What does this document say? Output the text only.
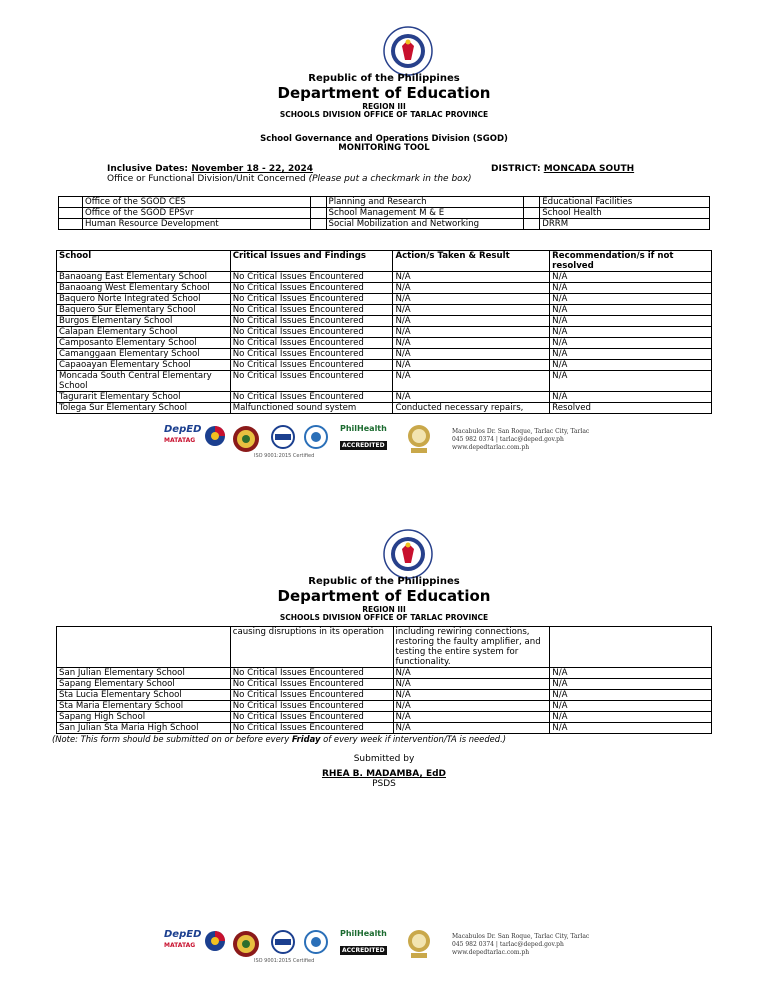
Republic of the Philippines
Department of Education
REGION III
SCHOOLS DIVISION OFFICE OF TARLAC PROVINCE
School Governance and Operations Division (SGOD)
MONITORING TOOL
Inclusive Dates: November 18 - 22, 2024	DISTRICT: MONCADA SOUTH
Office or Functional Division/Unit Concerned (Please put a checkmark in the box)
	Office of the SGOD CES		Planning and Research		Educational Facilities
	Office of the SGOD EPSvr		School Management M & E		School Health
	Human Resource Development		Social Mobilization and Networking		DRRM
School	Critical Issues and Findings	Action/s Taken & Result	Recommendation/s if not resolved
Banaoang East Elementary School	No Critical Issues Encountered	N/A	N/A
Banaoang West Elementary School	No Critical Issues Encountered	N/A	N/A
Baquero Norte Integrated School	No Critical Issues Encountered	N/A	N/A
Baquero Sur Elementary School	No Critical Issues Encountered	N/A	N/A
Burgos Elementary School	No Critical Issues Encountered	N/A	N/A
Calapan Elementary School	No Critical Issues Encountered	N/A	N/A
Camposanto Elementary School	No Critical Issues Encountered	N/A	N/A
Camanggaan Elementary School	No Critical Issues Encountered	N/A	N/A
Capaoayan Elementary School	No Critical Issues Encountered	N/A	N/A
Moncada South Central Elementary School	No Critical Issues Encountered	N/A	N/A
Tagurarit Elementary School	No Critical Issues Encountered	N/A	N/A
Tolega Sur Elementary School	Malfunctioned sound system	Conducted necessary repairs,	Resolved
DepED
MATATAG
ISO 9001:2015 Certified
PhilHealth
ACCREDITED
Macabulos Dr. San Roque, Tarlac City, Tarlac
045 982 0374 | tarlac@deped.gov.ph
www.depedtarlac.com.ph
Republic of the Philippines
Department of Education
REGION III
SCHOOLS DIVISION OFFICE OF TARLAC PROVINCE
	causing disruptions in its operation	including rewiring connections, restoring the faulty amplifier, and testing the entire system for functionality.	
San Julian Elementary School	No Critical Issues Encountered	N/A	N/A
Sapang Elementary School	No Critical Issues Encountered	N/A	N/A
Sta Lucia Elementary School	No Critical Issues Encountered	N/A	N/A
Sta Maria Elementary School	No Critical Issues Encountered	N/A	N/A
Sapang High School	No Critical Issues Encountered	N/A	N/A
San Julian Sta Maria High School	No Critical Issues Encountered	N/A	N/A
(Note: This form should be submitted on or before every Friday of every week if intervention/TA is needed.)
Submitted by
RHEA B. MADAMBA, EdD
PSDS
DepED
MATATAG
ISO 9001:2015 Certified
PhilHealth
ACCREDITED
Macabulos Dr. San Roque, Tarlac City, Tarlac
045 982 0374 | tarlac@deped.gov.ph
www.depedtarlac.com.ph
